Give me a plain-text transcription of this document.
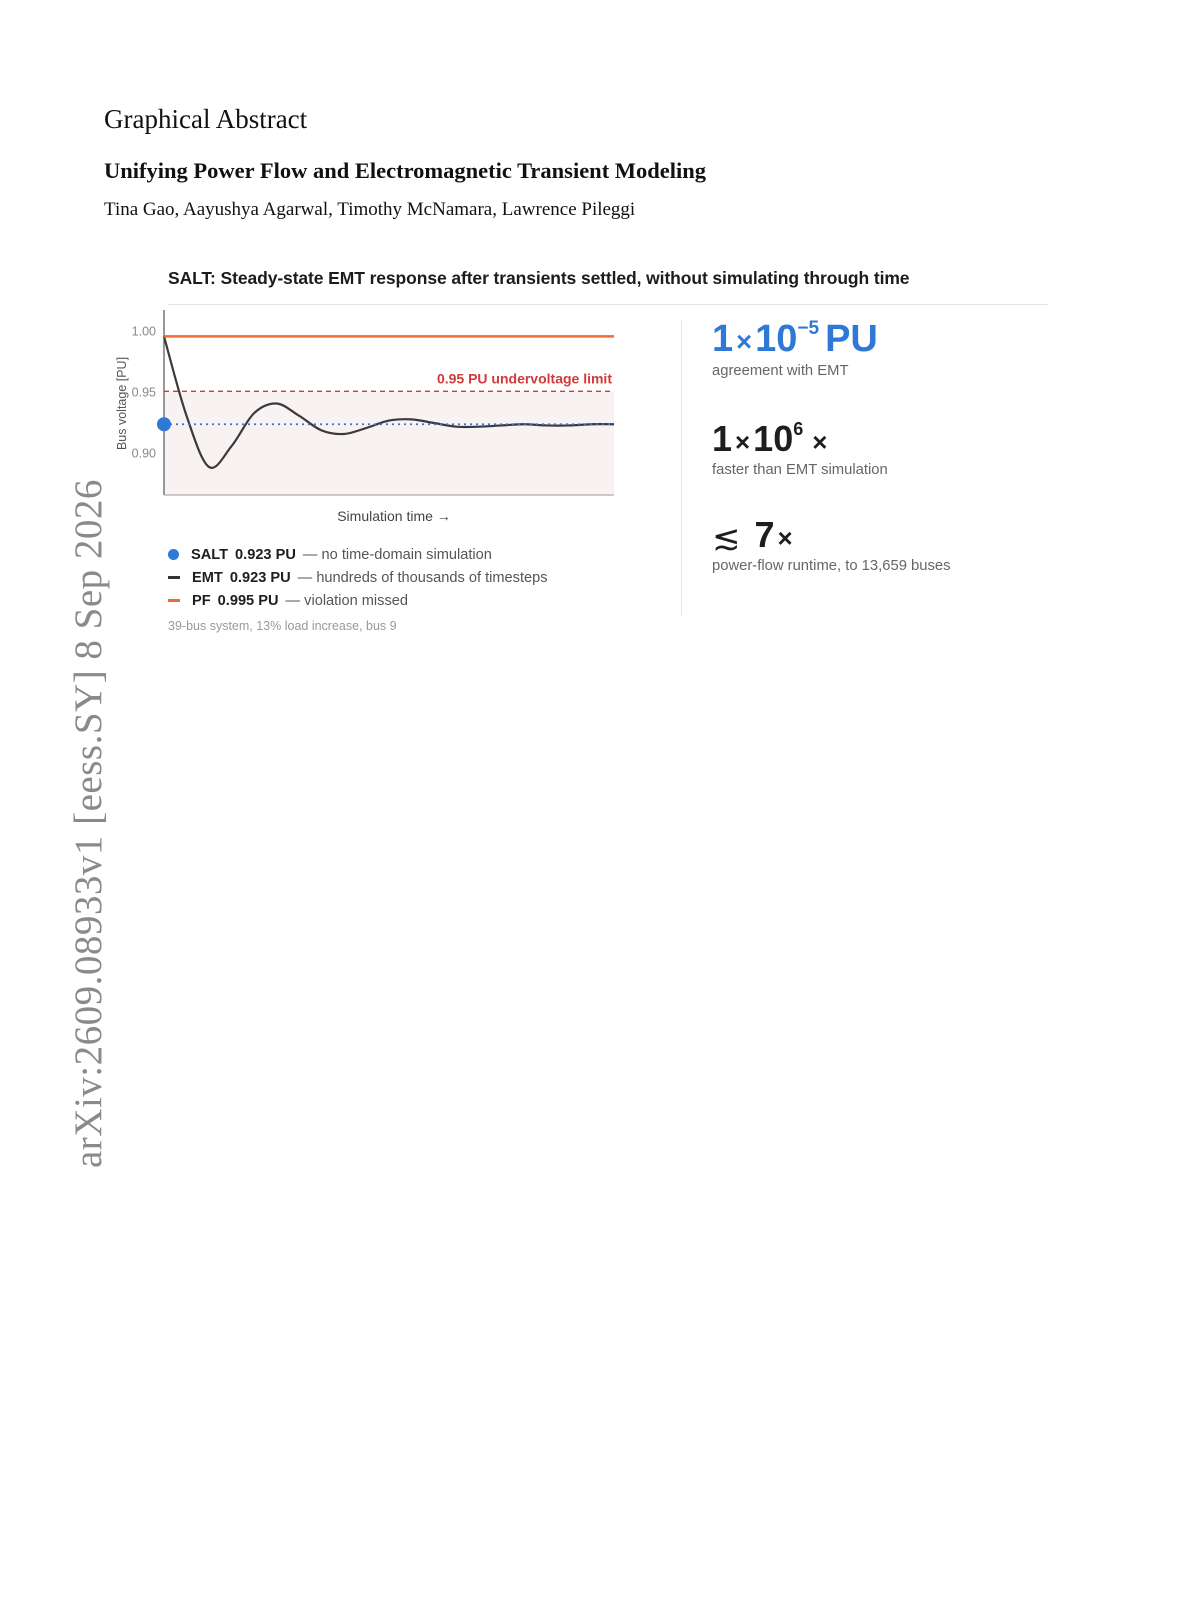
arXiv:2609.08933v1 [eess.SY] 8 Sep 2026
Graphical Abstract
Unifying Power Flow and Electromagnetic Transient Modeling
Tina Gao, Aayushya Agarwal, Timothy McNamara, Lawrence Pileggi
SALT: Steady-state EMT response after transients settled, without simulating through time
1.00
0.95
0.90
Bus voltage [PU]
Simulation time →
0.95 PU undervoltage limit
SALT 0.923 PU — no time-domain simulation
EMT 0.923 PU — hundreds of thousands of timesteps
PF 0.995 PU — violation missed
39-bus system, 13% load increase, bus 9
$1 \times 10^{-5}$ PU
agreement with EMT
$1 \times 10^6$
×
faster than EMT simulation
≲ 7 ×
power-flow runtime, to 13,659 buses
